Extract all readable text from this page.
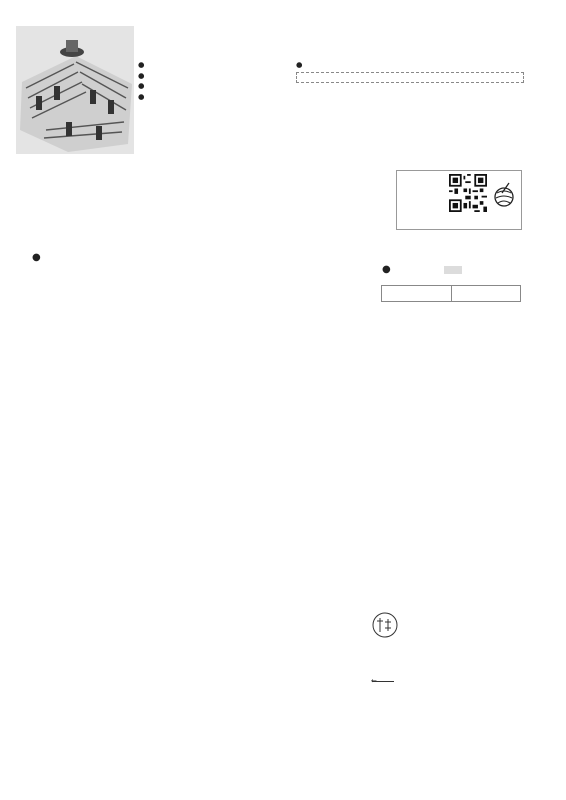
●
●
●
●
●

●
●

←
